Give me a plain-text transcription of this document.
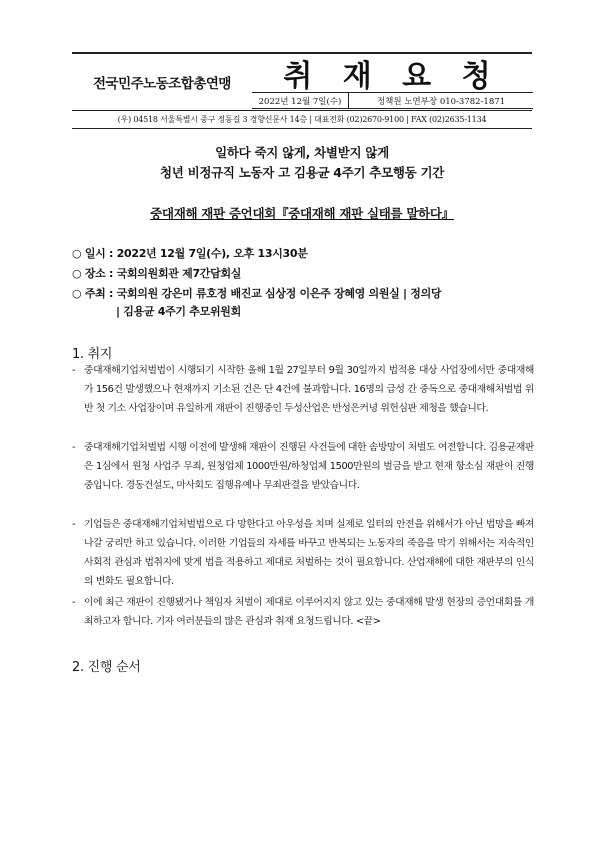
전국민주노동조합총연맹	취 재 요 청
2022년 12월 7일(수)	정책원 노연부장 010-3782-1871
(우) 04518 서울특별시 중구 정동길 3 경향신문사 14층 | 대표전화 (02)2670-9100 | FAX (02)2635-1134
일하다 죽지 않게, 차별받지 않게
청년 비정규직 노동자 고 김용균 4주기 추모행동 기간
중대재해 재판 증언대회『중대재해 재판 실태를 말하다』
○ 일시 : 2022년 12월 7일(수), 오후 13시30분
○ 장소 : 국회의원회관 제7간담회실
○ 주최 : 국회의원 강은미 류호정 배진교 심상정 이은주 장혜영 의원실 | 정의당
| 김용균 4주기 추모위원회
1. 취지
- 중대재해기업처벌법이 시행되기 시작한 올해 1월 27일부터 9월 30일까지 법적용 대상 사업장에서만 중대재해가 156건 발생했으나 현재까지 기소된 건은 단 4건에 불과합니다. 16명의 급성 간 중독으로 중대재해처벌법 위반 첫 기소 사업장이며 유일하게 재판이 진행중인 두성산업은 반성은커녕 위헌심판 제청을 했습니다.
- 중대재해기업처벌법 시행 이전에 발생해 재판이 진행된 사건들에 대한 솜방망이 처벌도 여전합니다. 김용균재판은 1심에서 원청 사업주 무죄, 원청업체 1000만원/하청업체 1500만원의 벌금을 받고 현재 항소심 재판이 진행 중입니다. 경동건설도, 마사회도 집행유예나 무죄판결을 받았습니다.
- 기업들은 중대재해기업처벌법으로 다 망한다고 아우성을 치며 실제로 일터의 안전을 위해서가 아닌 법망을 빠져나갈 궁리만 하고 있습니다. 이러한 기업들의 자세를 바꾸고 반복되는 노동자의 죽음을 막기 위해서는 지속적인 사회적 관심과 법취지에 맞게 법을 적용하고 제대로 처벌하는 것이 필요합니다. 산업재해에 대한 재판부의 인식의 변화도 필요합니다.
- 이에 최근 재판이 진행됐거나 책임자 처벌이 제대로 이루어지지 않고 있는 중대재해 발생 현장의 증언대회를 개최하고자 합니다. 기자 여러분들의 많은 관심과 취재 요청드립니다. <끝>
2. 진행 순서
